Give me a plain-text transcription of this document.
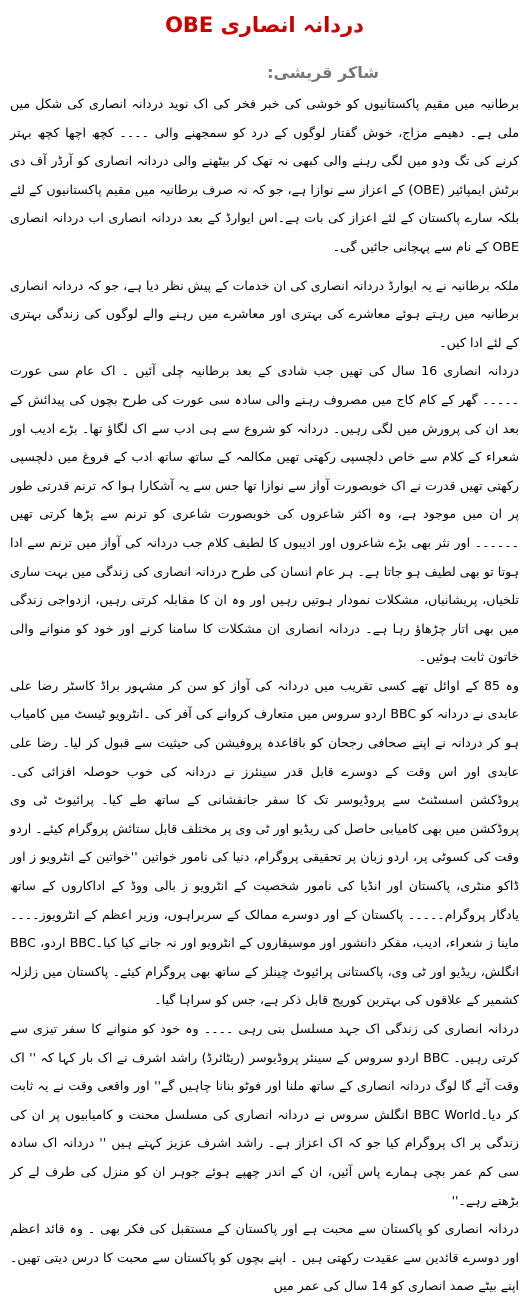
دردانہ انصاری OBE
شاکر قریشی:

برطانیہ میں مقیم پاکستانیوں کو خوشی کی خبر فخر کی اک نوید دردانہ انصاری کی شکل میں ملی ہے۔ دھیمے مزاج، خوش گفتار لوگوں کے درد کو سمجھنے والی ۔۔۔۔ کچھ اچھا کچھ بہتر کرنے کی تگ ودو میں لگی رہنے والی کبھی نہ تھک کر بیٹھنے والی دردانہ انصاری کو آرڈر آف دی برٹش ایمپائیر (OBE) کے اعزاز سے نوازا ہے، جو کہ نہ صرف برطانیہ میں مقیم پاکستانیوں کے لئے بلکہ سارے پاکستان کے لئے اعزاز کی بات ہے۔اس ایوارڈ کے بعد دردانہ انصاری اب دردانہ انصاری OBE کے نام سے پہچانی جائیں گی۔

ملکہ برطانیہ نے یہ ایوارڈ دردانہ انصاری کی ان خدمات کے پیش نظر دیا ہے، جو کہ دردانہ انصاری برطانیہ میں رہتے ہوئے معاشرے کی بہتری اور معاشرے میں رہنے والے لوگوں کی زندگی بہتری کے لئے ادا کیں۔

دردانہ انصاری 16 سال کی تھیں جب شادی کے بعد برطانیہ چلی آئیں ۔ اک عام سی عورت ۔۔۔۔۔ گھر کے کام کاج میں مصروف رہنے والی سادہ سی عورت کی طرح بچوں کی پیدائش کے بعد ان کی پرورش میں لگی رہیں۔ دردانہ کو شروع سے ہی ادب سے اک لگاؤ تھا۔ بڑے ادیب اور شعراء کے کلام سے خاص دلچسپی رکھتی تھیں مکالمہ کے ساتھ ساتھ ادب کے فروغ میں دلچسپی رکھتی تھیں قدرت نے اک خوبصورت آواز سے نوازا تھا جس سے یہ آشکارا ہوا کہ ترنم قدرتی طور پر ان میں موجود ہے، وہ اکثر شاعروں کی خوبصورت شاعری کو ترنم سے پڑھا کرتی تھیں ۔۔۔۔۔۔ اور نثر بھی بڑے شاعروں اور ادیبوں کا لطیف کلام جب دردانہ کی آواز میں ترنم سے ادا ہوتا تو بھی لطیف ہو جاتا ہے۔ ہر عام انسان کی طرح دردانہ انصاری کی زندگی میں بہت ساری تلخیاں، پریشانیاں، مشکلات نمودار ہوتیں رہیں اور وہ ان کا مقابلہ کرتی رہیں، ازدواجی زندگی میں بھی اتار چڑھاؤ رہا ہے۔ دردانہ انصاری ان مشکلات کا سامنا کرنے اور خود کو منوانے والی خاتون ثابت ہوئیں۔

وہ 85 کے اوائل تھے کسی تقریب میں دردانہ کی آواز کو سن کر مشہور براڈ کاسٹر رضا علی عابدی نے دردانہ کو BBC اردو سروس میں متعارف کروانے کی آفر کی ۔انٹرویو ٹیسٹ میں کامیاب ہو کر دردانہ نے اپنے صحافی رجحان کو باقاعدہ پروفیشن کی حیثیت سے قبول کر لیا۔ رضا علی عابدی اور اس وقت کے دوسرے قابل قدر سینئرز نے دردانہ کی خوب حوصلہ افزائی کی۔ پروڈکشن اسسٹنٹ سے پروڈیوسر تک کا سفر جانفشانی کے ساتھ طے کیا۔ پرائیوٹ ٹی وی پروڈکشن میں بھی کامیابی حاصل کی ریڈیو اور ٹی وی پر مختلف قابل ستائش پروگرام کیئے۔ اردو وقت کی کسوٹی پر، اردو زبان پر تحقیقی پروگرام، دنیا کی نامور خواتین ''خواتین کے انٹرویو ز اور ڈاکو منٹری، پاکستان اور انڈیا کی نامور شخصیت کے انٹرویو ز بالی ووڈ کے اداکاروں کے ساتھ یادگار پروگرام۔۔۔۔۔ پاکستان کے اور دوسرے ممالک کے سربراہوں، وزیر اعظم کے انٹرویوز۔۔۔۔ ماینا ز شعراء، ادیب، مفکر دانشور اور موسیقاروں کے انٹرویو اور نہ جانے کیا کیا۔BBC اردو، BBC انگلش، ریڈیو اور ٹی وی، پاکستانی پرائیوٹ چینلز کے ساتھ بھی پروگرام کیئے۔ پاکستان میں زلزلہ کشمیر کے علاقوں کی بہترین کوریج قابل ذکر ہے، جس کو سراہا گیا۔

دردانہ انصاری کی زندگی اک جہد مسلسل بنی رہی ۔۔۔۔ وہ خود کو منوانے کا سفر تیزی سے کرتی رہیں۔ BBC اردو سروس کے سینئر پروڈیوسر (ریٹائرڈ) راشد اشرف نے اک بار کہا کہ '' اک وقت آئے گا لوگ دردانہ انصاری کے ساتھ ملنا اور فوٹو بنانا چاہیں گے'' اور واقعی وقت نے یہ ثابت کر دیا۔BBC World انگلش سروس نے دردانہ انصاری کی مسلسل محنت و کامیابیوں پر ان کی زندگی پر اک پروگرام کیا جو کہ اک اعزاز ہے۔ راشد اشرف عزیز کہتے ہیں '' دردانہ اک سادہ سی کم عمر بچی ہمارے پاس آئیں، ان کے اندر چھپے ہوئے جوہر ان کو منزل کی طرف لے کر بڑھتے رہے۔''

دردانہ انصاری کو پاکستان سے محبت ہے اور پاکستان کے مستقبل کی فکر بھی ۔ وہ قائد اعظم اور دوسرے قائدین سے عقیدت رکھتی ہیں ۔ اپنے بچوں کو پاکستان سے محبت کا درس دیتی تھیں۔ اپنے بیٹے صمد انصاری کو 14 سال کی عمر میں
